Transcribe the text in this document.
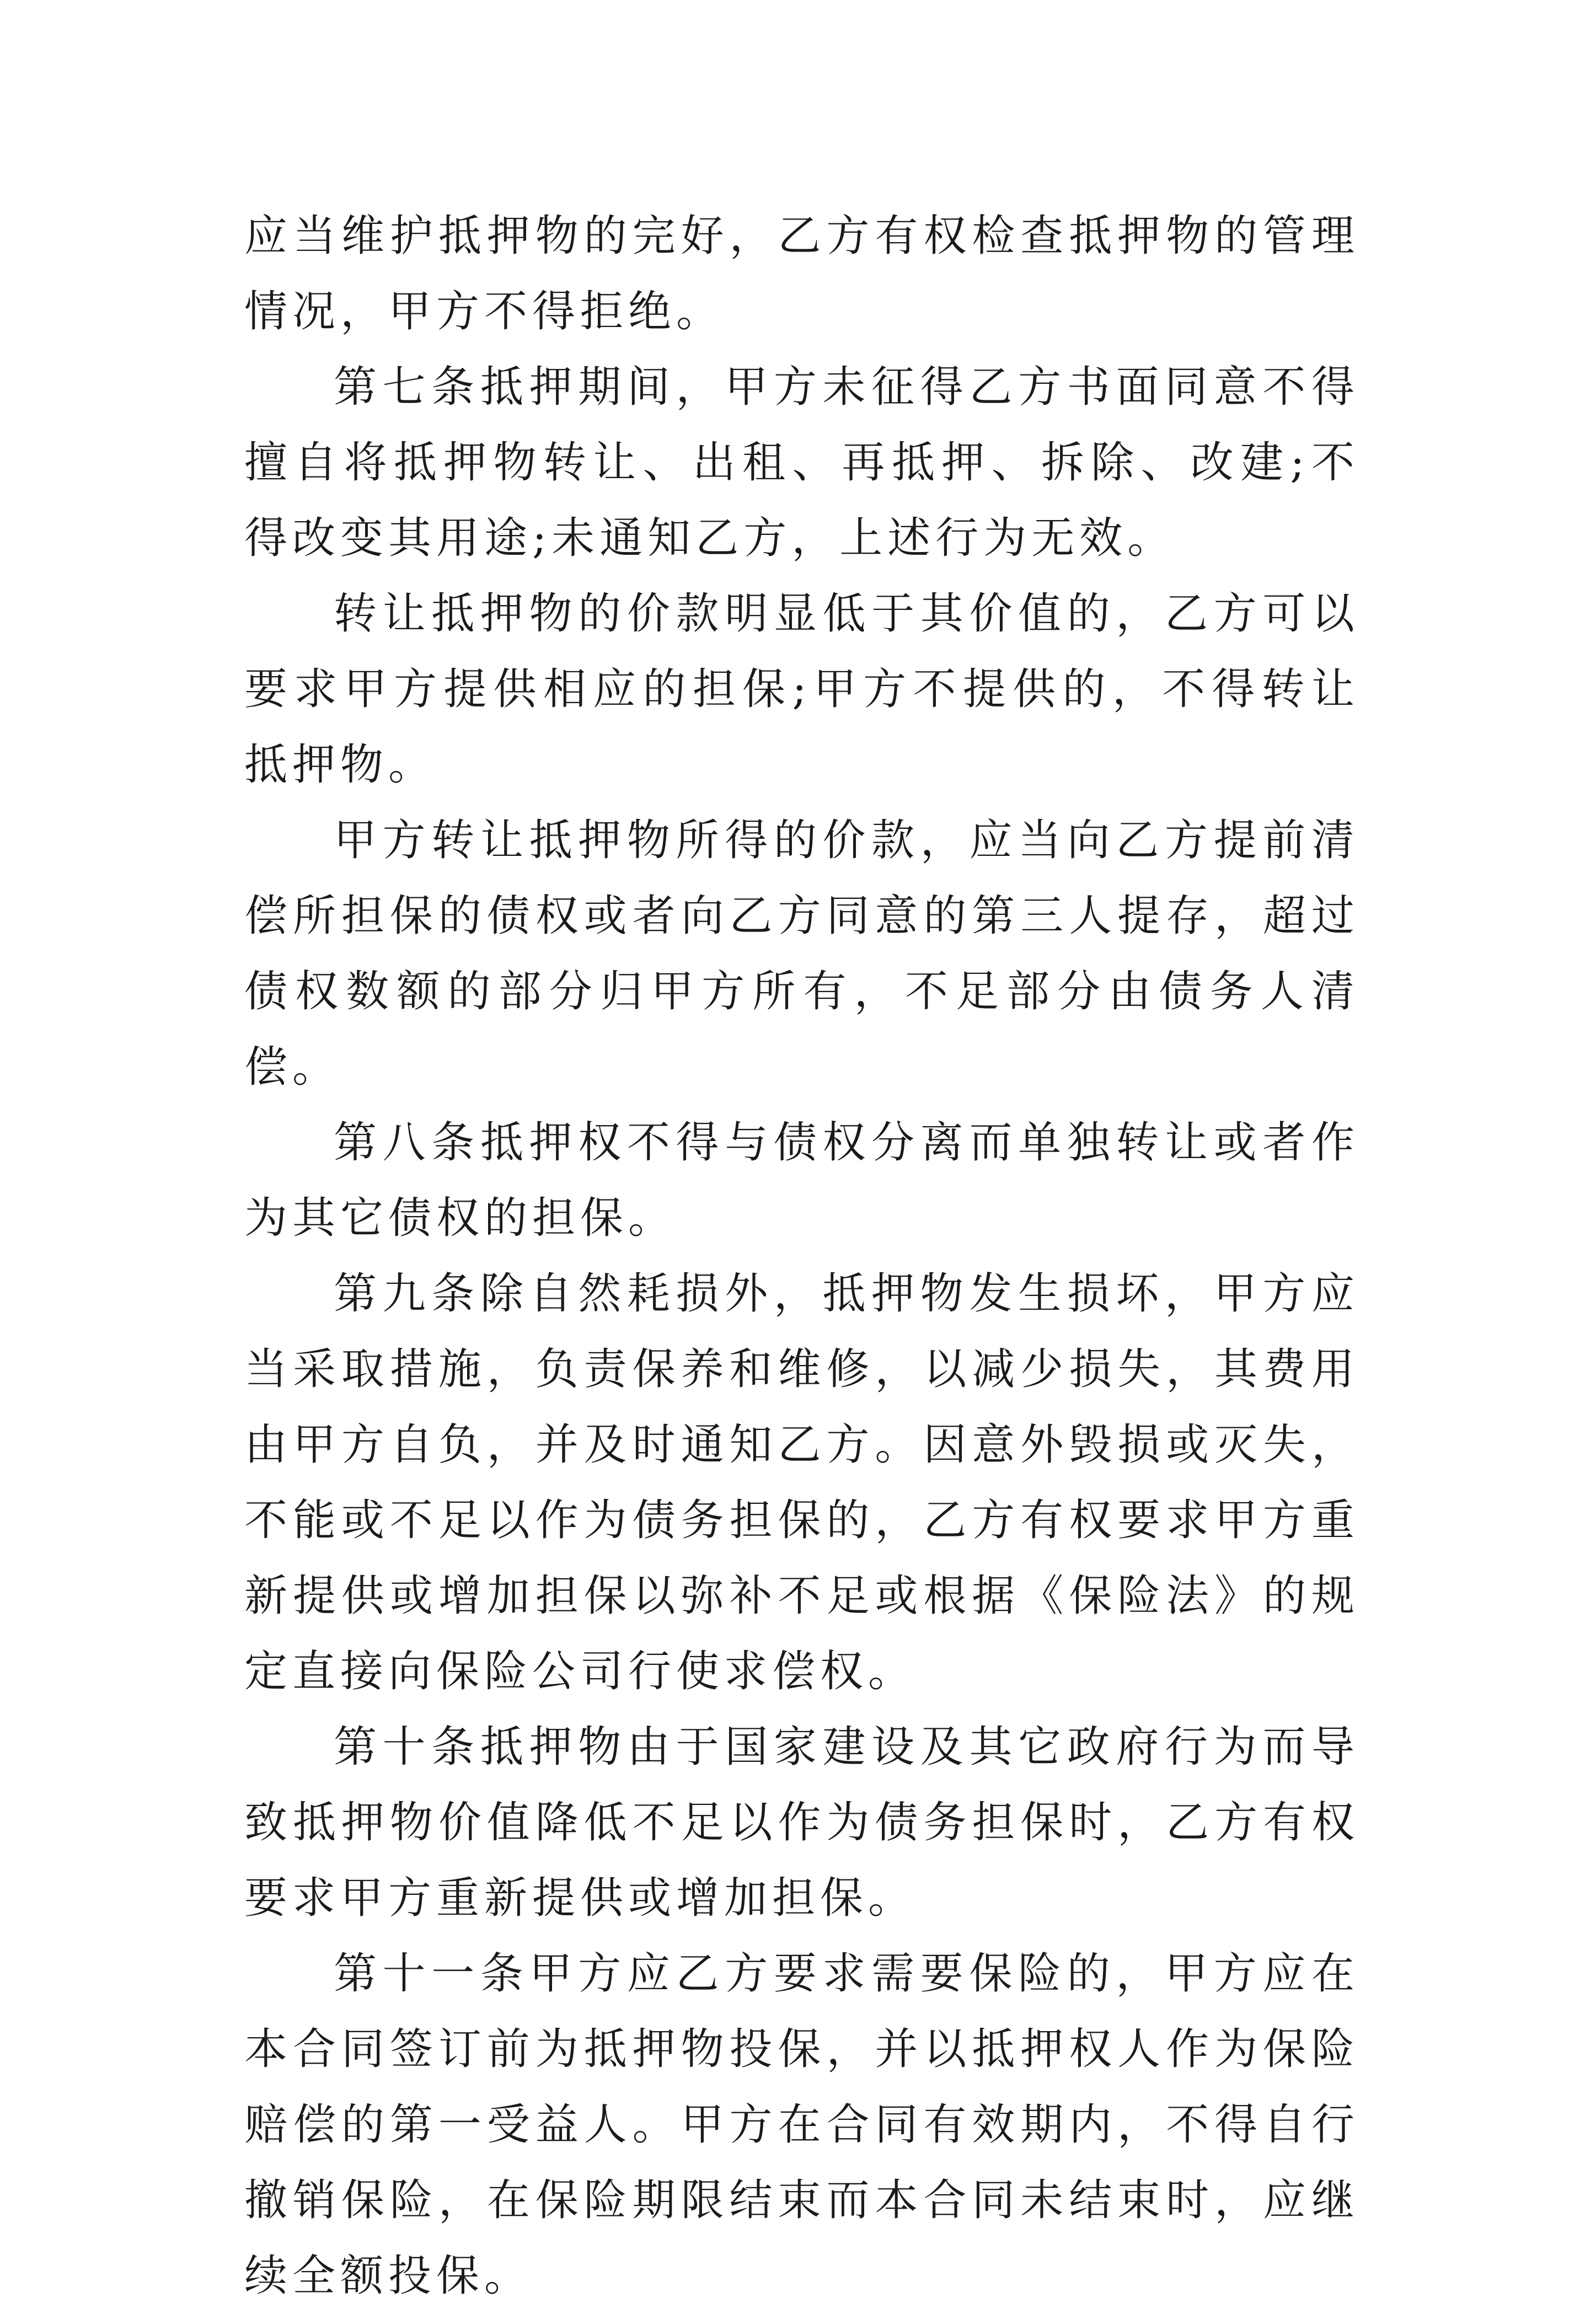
应当维护抵押物的完好，乙方有权检查抵押物的管理情况，甲方不得拒绝。

第七条抵押期间，甲方未征得乙方书面同意不得擅自将抵押物转让、出租、再抵押、拆除、改建;不得改变其用途;未通知乙方，上述行为无效。

转让抵押物的价款明显低于其价值的，乙方可以要求甲方提供相应的担保;甲方不提供的，不得转让抵押物。

甲方转让抵押物所得的价款，应当向乙方提前清偿所担保的债权或者向乙方同意的第三人提存，超过债权数额的部分归甲方所有，不足部分由债务人清偿。

第八条抵押权不得与债权分离而单独转让或者作为其它债权的担保。

第九条除自然耗损外，抵押物发生损坏，甲方应当采取措施，负责保养和维修，以减少损失，其费用由甲方自负，并及时通知乙方。因意外毁损或灭失，不能或不足以作为债务担保的，乙方有权要求甲方重新提供或增加担保以弥补不足或根据《保险法》的规定直接向保险公司行使求偿权。

第十条抵押物由于国家建设及其它政府行为而导致抵押物价值降低不足以作为债务担保时，乙方有权要求甲方重新提供或增加担保。

第十一条甲方应乙方要求需要保险的，甲方应在本合同签订前为抵押物投保，并以抵押权人作为保险赔偿的第一受益人。甲方在合同有效期内，不得自行撤销保险，在保险期限结束而本合同未结束时，应继续全额投保。
